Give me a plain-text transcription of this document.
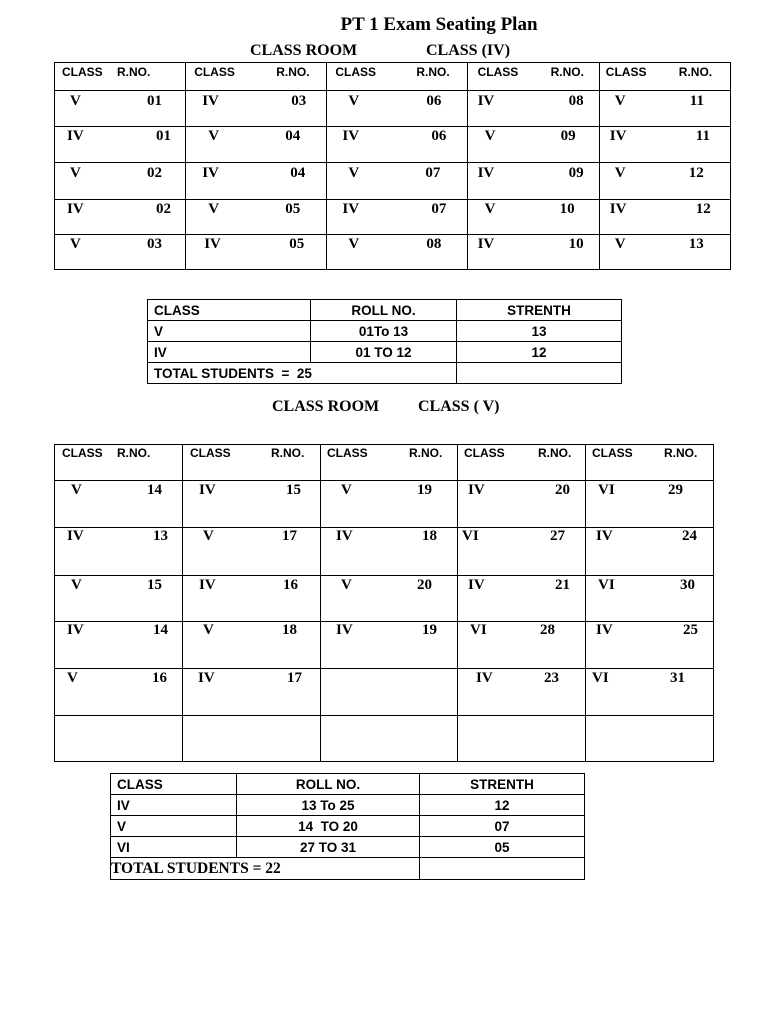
PT 1 Exam Seating Plan
CLASS ROOM	CLASS (IV)
CLASS R.NO.	CLASS R.NO.	CLASS R.NO.	CLASS R.NO.	CLASS R.NO.

V 01	IV 03	V 06	IV 08	V 11

IV 01	V 04	IV 06	V 09	IV 11

V 02	IV 04	V 07	IV 09	V 12

IV 02	V 05	IV 07	V 10	IV 12

V 03	IV 05	V 08	IV 10	V 13
CLASS	ROLL NO.	STRENTH
V	01To 13	13
IV	01 TO 12	12
TOTAL STUDENTS  =  25		
CLASS ROOM CLASS ( V)
CLASS R.NO.	CLASS R.NO.	CLASS R.NO.	CLASS R.NO.	CLASS R.NO.

V 14	IV 15	V 19	IV 20	VI 29

IV 13	V 17	IV 18	VI 27	IV 24

V 15	IV 16	V 20	IV 21	VI 30

IV 14	V 18	IV 19	VI 28	IV 25

V 16	IV 17		IV 23	VI 31

CLASS	ROLL NO.	STRENTH
IV	13 To 25	12
V	14  TO 20	07
VI	27 TO 31	05
TOTAL STUDENTS = 22		
